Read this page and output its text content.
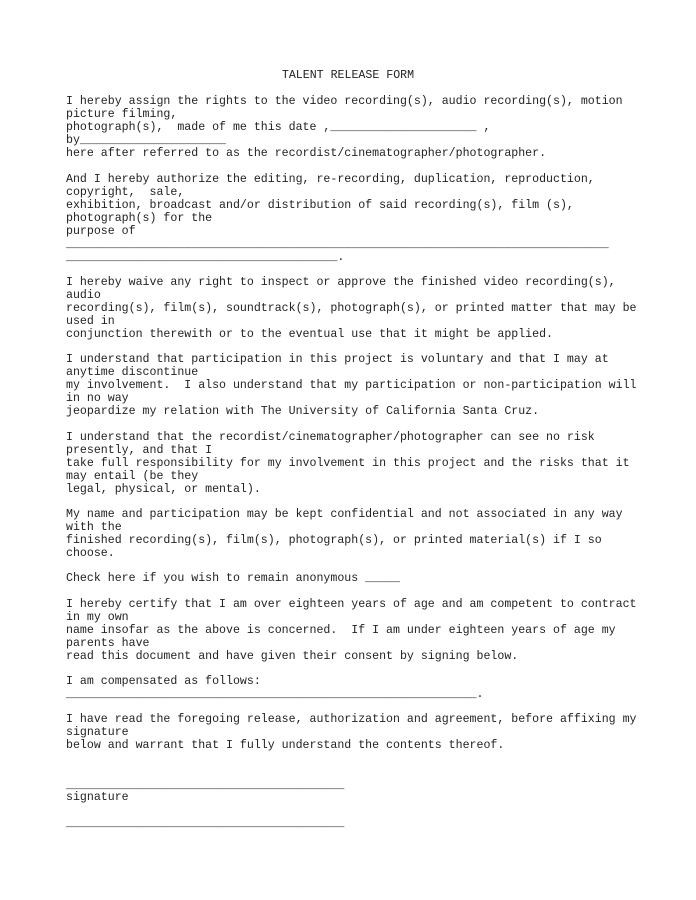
TALENT RELEASE FORM
I hereby assign the rights to the video recording(s), audio recording(s), motion
picture filming,
photograph(s),  made of me this date ,_____________________ ,
by_____________________
here after referred to as the recordist/cinematographer/photographer.
And I hereby authorize the editing, re-recording, duplication, reproduction,
copyright,  sale,
exhibition, broadcast and/or distribution of said recording(s), film (s),
photograph(s) for the
purpose of
______________________________________________________________________________
_______________________________________.
I hereby waive any right to inspect or approve the finished video recording(s),
audio
recording(s), film(s), soundtrack(s), photograph(s), or printed matter that may be
used in
conjunction therewith or to the eventual use that it might be applied.
I understand that participation in this project is voluntary and that I may at
anytime discontinue
my involvement.  I also understand that my participation or non-participation will
in no way
jeopardize my relation with The University of California Santa Cruz.
I understand that the recordist/cinematographer/photographer can see no risk
presently, and that I
take full responsibility for my involvement in this project and the risks that it
may entail (be they
legal, physical, or mental).
My name and participation may be kept confidential and not associated in any way
with the
finished recording(s), film(s), photograph(s), or printed material(s) if I so
choose.
Check here if you wish to remain anonymous _____
I hereby certify that I am over eighteen years of age and am competent to contract
in my own
name insofar as the above is concerned.  If I am under eighteen years of age my
parents have
read this document and have given their consent by signing below.
I am compensated as follows:
___________________________________________________________.
I have read the foregoing release, authorization and agreement, before affixing my
signature
below and warrant that I fully understand the contents thereof.
________________________________________
signature
________________________________________
